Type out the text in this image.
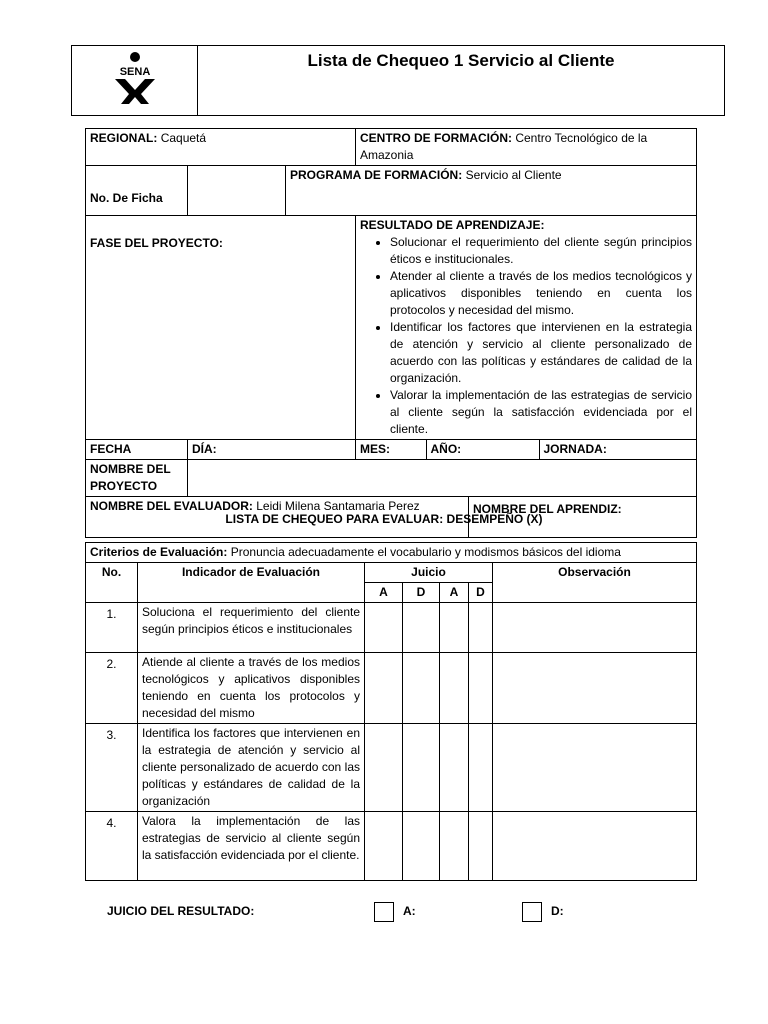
SENA
	Lista de Chequeo 1 Servicio al Cliente
REGIONAL: Caquetá	CENTRO DE FORMACIÓN: Centro Tecnológico de la Amazonia
No. De Ficha		PROGRAMA DE FORMACIÓN: Servicio al Cliente
FASE DEL PROYECTO:	
RESULTADO DE APRENDIZAJE:
• Solucionar el requerimiento del cliente según principios éticos e institucionales.
• Atender al cliente a través de los medios tecnológicos y aplicativos disponibles teniendo en cuenta los protocolos y necesidad del mismo.
• Identificar los factores que intervienen en la estrategia de atención y servicio al cliente personalizado de acuerdo con las políticas y estándares de calidad de la organización.
• Valorar la implementación de las estrategias de servicio al cliente según la satisfacción evidenciada por el cliente.

FECHA	DÍA:		MES:	AÑO:	JORNADA:

NOMBRE DEL PROYECTO	
NOMBRE DEL EVALUADOR: Leidi Milena Santamaria Perez	NOMBRE DEL APRENDIZ:
LISTA DE CHEQUEO PARA EVALUAR: DESEMPEÑO (X)
Criterios de Evaluación: Pronuncia adecuadamente el vocabulario y modismos básicos del idioma						
No.	Indicador de Evaluación	Juicio				Observación
		A	D	A	D	
1.	Soluciona el requerimiento del cliente según principios éticos e institucionales					
2.	Atiende al cliente a través de los medios tecnológicos y aplicativos disponibles teniendo en cuenta los protocolos y necesidad del mismo					
3.	Identifica los factores que intervienen en la estrategia de atención y servicio al cliente personalizado de acuerdo con las políticas y estándares de calidad de la organización					
4.	Valora la implementación de las estrategias de servicio al cliente según la satisfacción evidenciada por el cliente.					
JUICIO DEL RESULTADO:	A:	D:
